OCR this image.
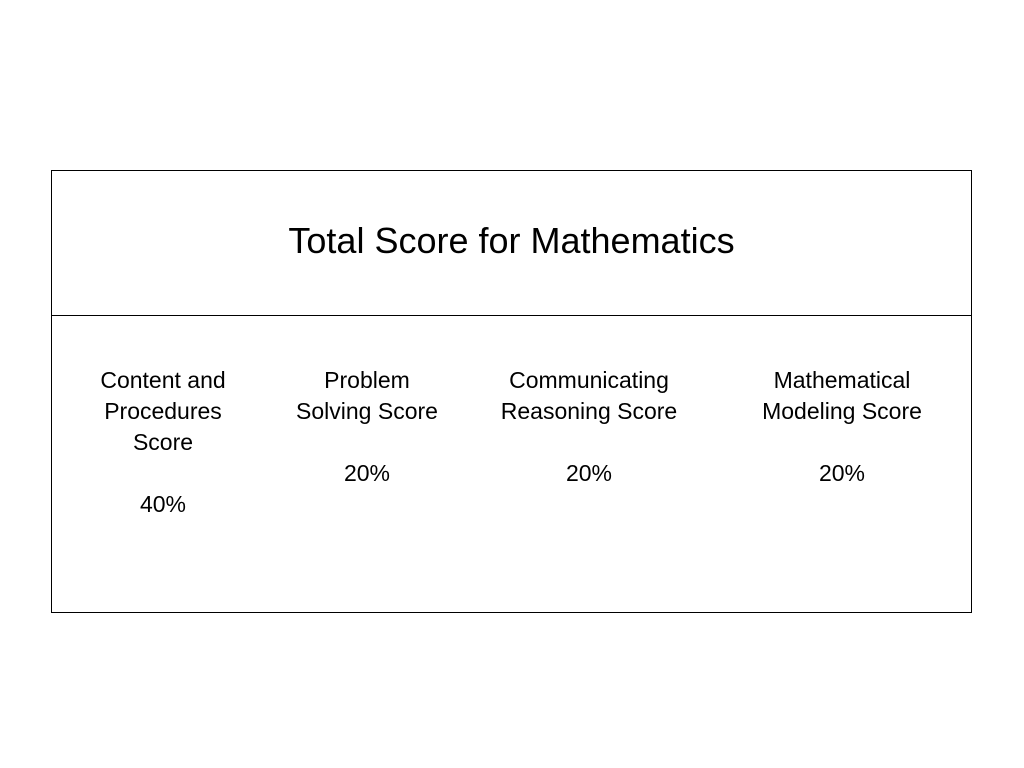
Total Score for Mathematics
Content and
Procedures
Score
40%
Problem
Solving Score
20%
Communicating
Reasoning Score
20%
Mathematical
Modeling Score
20%
